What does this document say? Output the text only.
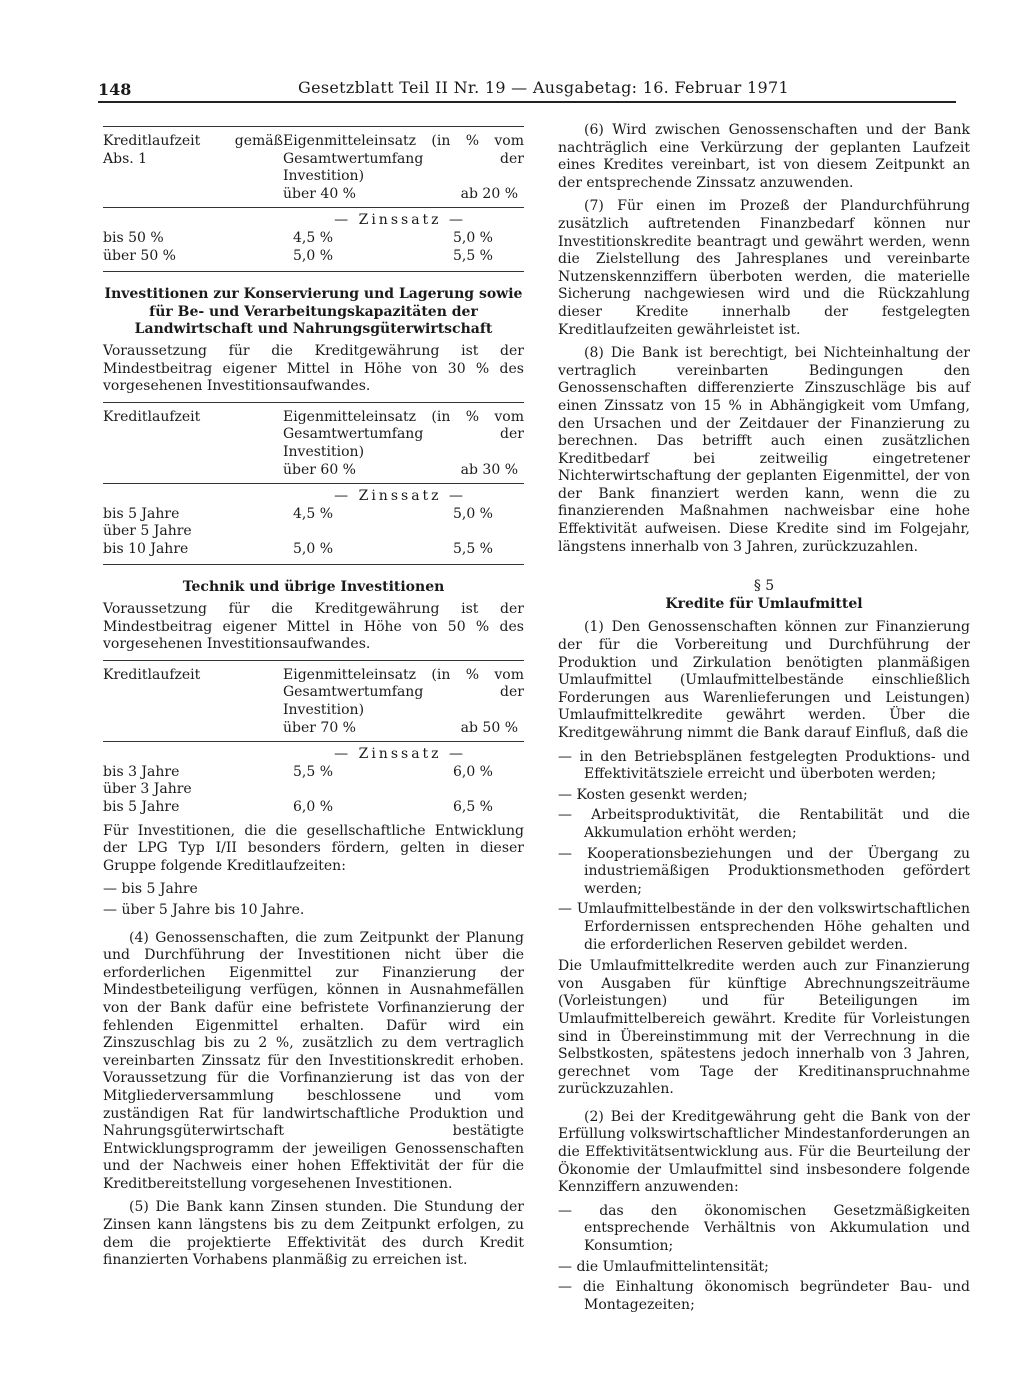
148	Gesetzblatt Teil II Nr. 19 — Ausgabetag: 16. Februar 1971
Kreditlaufzeit gemäß Abs. 1
Eigenmitteleinsatz (in % vom Gesamtwertumfang der Investition)
über 40 %	ab 20 %
— Zinssatz —
bis 50 %	4,5 %	5,0 %
über 50 %	5,0 %	5,5 %
Investitionen zur Konservierung und Lagerung sowie für Be- und Verarbeitungskapazitäten der Landwirtschaft und Nahrungsgüterwirtschaft

Voraussetzung für die Kreditgewährung ist der Mindestbeitrag eigener Mittel in Höhe von 30 % des vorgesehenen Investitionsaufwandes.

Kreditlaufzeit	Eigenmitteleinsatz (in % vom Gesamtwertumfang der Investition)
über 60 %	ab 30 %
— Zinssatz —
bis 5 Jahre	4,5 %	5,0 %
über 5 Jahre
bis 10 Jahre	5,0 %	5,5 %
Technik und übrige Investitionen

Voraussetzung für die Kreditgewährung ist der Mindestbeitrag eigener Mittel in Höhe von 50 % des vorgesehenen Investitionsaufwandes.

Kreditlaufzeit	Eigenmitteleinsatz (in % vom Gesamtwertumfang der Investition)
über 70 %	ab 50 %
— Zinssatz —
bis 3 Jahre	5,5 %	6,0 %
über 3 Jahre
bis 5 Jahre	6,0 %	6,5 %

Für Investitionen, die die gesellschaftliche Entwicklung der LPG Typ I/II besonders fördern, gelten in dieser Gruppe folgende Kreditlaufzeiten:

— bis 5 Jahre
— über 5 Jahre bis 10 Jahre.

(4) Genossenschaften, die zum Zeitpunkt der Planung und Durchführung der Investitionen nicht über die erforderlichen Eigenmittel zur Finanzierung der Mindestbeteiligung verfügen, können in Ausnahmefällen von der Bank dafür eine befristete Vorfinanzierung der fehlenden Eigenmittel erhalten. Dafür wird ein Zinszuschlag bis zu 2 %, zusätzlich zu dem vertraglich vereinbarten Zinssatz für den Investitionskredit erhoben. Voraussetzung für die Vorfinanzierung ist das von der Mitgliederversammlung beschlossene und vom zuständigen Rat für landwirtschaftliche Produktion und Nahrungsgüterwirtschaft bestätigte Entwicklungsprogramm der jeweiligen Genossenschaften und der Nachweis einer hohen Effektivität der für die Kreditbereitstellung vorgesehenen Investitionen.

(5) Die Bank kann Zinsen stunden. Die Stundung der Zinsen kann längstens bis zu dem Zeitpunkt erfolgen, zu dem die projektierte Effektivität des durch Kredit finanzierten Vorhabens planmäßig zu erreichen ist.

(6) Wird zwischen Genossenschaften und der Bank nachträglich eine Verkürzung der geplanten Laufzeit eines Kredites vereinbart, ist von diesem Zeitpunkt an der entsprechende Zinssatz anzuwenden.

(7) Für einen im Prozeß der Plandurchführung zusätzlich auftretenden Finanzbedarf können nur Investitionskredite beantragt und gewährt werden, wenn die Zielstellung des Jahresplanes und vereinbarte Nutzenskennziffern überboten werden, die materielle Sicherung nachgewiesen wird und die Rückzahlung dieser Kredite innerhalb der festgelegten Kreditlaufzeiten gewährleistet ist.

(8) Die Bank ist berechtigt, bei Nichteinhaltung der vertraglich vereinbarten Bedingungen den Genossenschaften differenzierte Zinszuschläge bis auf einen Zinssatz von 15 % in Abhängigkeit vom Umfang, den Ursachen und der Zeitdauer der Finanzierung zu berechnen. Das betrifft auch einen zusätzlichen Kreditbedarf bei zeitweilig eingetretener Nichterwirtschaftung der geplanten Eigenmittel, der von der Bank finanziert werden kann, wenn die zu finanzierenden Maßnahmen nachweisbar eine hohe Effektivität aufweisen. Diese Kredite sind im Folgejahr, längstens innerhalb von 3 Jahren, zurückzuzahlen.

§ 5
Kredite für Umlaufmittel

(1) Den Genossenschaften können zur Finanzierung der für die Vorbereitung und Durchführung der Produktion und Zirkulation benötigten planmäßigen Umlaufmittel (Umlaufmittelbestände einschließlich Forderungen aus Warenlieferungen und Leistungen) Umlaufmittelkredite gewährt werden. Über die Kreditgewährung nimmt die Bank darauf Einfluß, daß die

— in den Betriebsplänen festgelegten Produktions- und Effektivitätsziele erreicht und überboten werden;
— Kosten gesenkt werden;
— Arbeitsproduktivität, die Rentabilität und die Akkumulation erhöht werden;
— Kooperationsbeziehungen und der Übergang zu industriemäßigen Produktionsmethoden gefördert werden;
— Umlaufmittelbestände in der den volkswirtschaftlichen Erfordernissen entsprechenden Höhe gehalten und die erforderlichen Reserven gebildet werden.

Die Umlaufmittelkredite werden auch zur Finanzierung von Ausgaben für künftige Abrechnungszeiträume (Vorleistungen) und für Beteiligungen im Umlaufmittelbereich gewährt. Kredite für Vorleistungen sind in Übereinstimmung mit der Verrechnung in die Selbstkosten, spätestens jedoch innerhalb von 3 Jahren, gerechnet vom Tage der Kreditinanspruchnahme zurückzuzahlen.

(2) Bei der Kreditgewährung geht die Bank von der Erfüllung volkswirtschaftlicher Mindestanforderungen an die Effektivitätsentwicklung aus. Für die Beurteilung der Ökonomie der Umlaufmittel sind insbesondere folgende Kennziffern anzuwenden:

— das den ökonomischen Gesetzmäßigkeiten entsprechende Verhältnis von Akkumulation und Konsumtion;
— die Umlaufmittelintensität;
— die Einhaltung ökonomisch begründeter Bau- und Montagezeiten;
